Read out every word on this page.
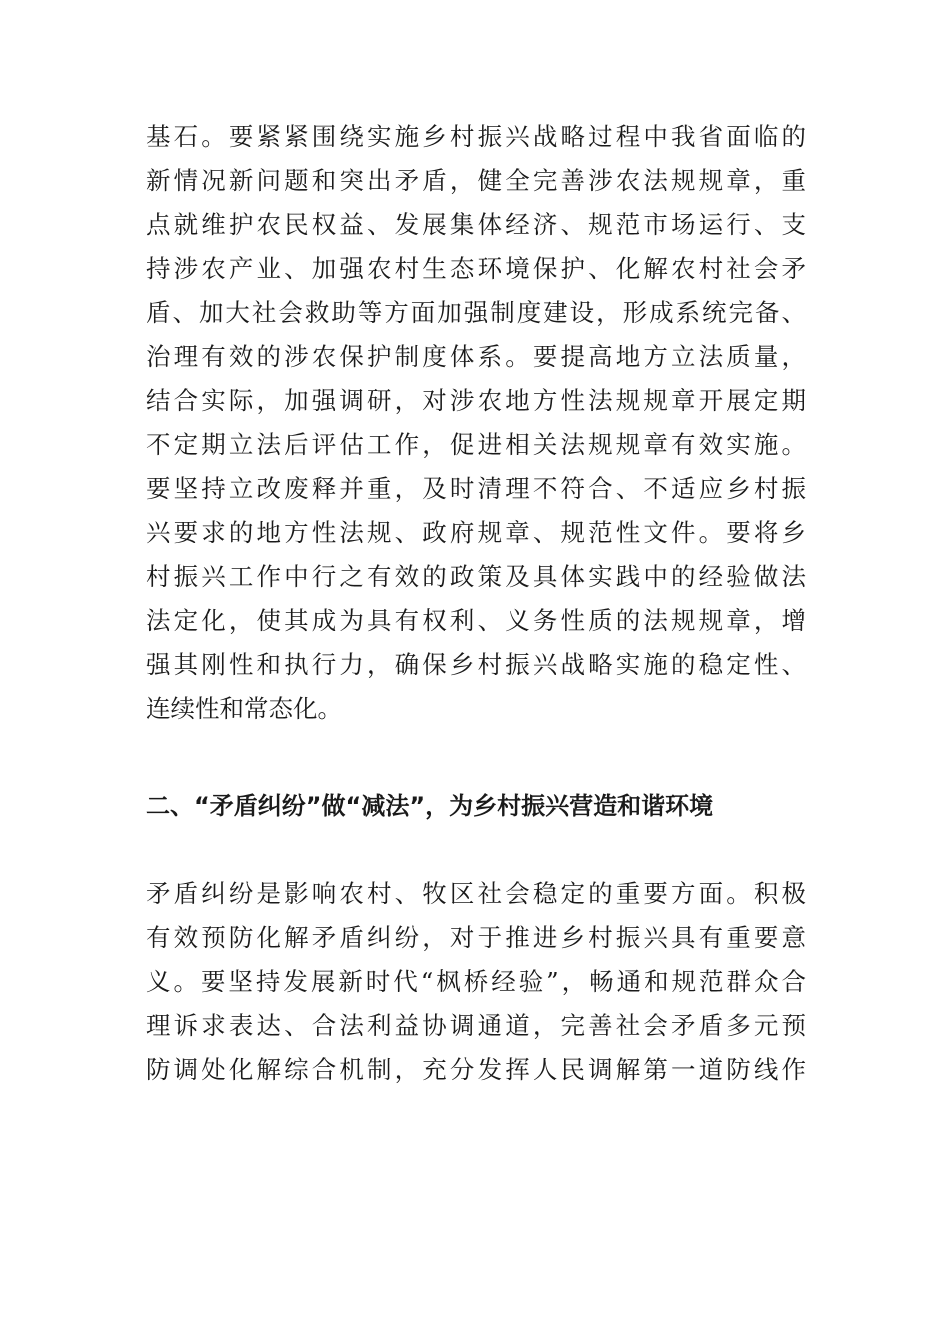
基石。要紧紧围绕实施乡村振兴战略过程中我省面临的
新情况新问题和突出矛盾，健全完善涉农法规规章，重
点就维护农民权益、发展集体经济、规范市场运行、支
持涉农产业、加强农村生态环境保护、化解农村社会矛
盾、加大社会救助等方面加强制度建设，形成系统完备、
治理有效的涉农保护制度体系。要提高地方立法质量，
结合实际，加强调研，对涉农地方性法规规章开展定期
不定期立法后评估工作，促进相关法规规章有效实施。
要坚持立改废释并重，及时清理不符合、不适应乡村振
兴要求的地方性法规、政府规章、规范性文件。要将乡
村振兴工作中行之有效的政策及具体实践中的经验做法
法定化，使其成为具有权利、义务性质的法规规章，增
强其刚性和执行力，确保乡村振兴战略实施的稳定性、
连续性和常态化。
二、“矛盾纠纷”做“减法”，为乡村振兴营造和谐环境
矛盾纠纷是影响农村、牧区社会稳定的重要方面。积极
有效预防化解矛盾纠纷，对于推进乡村振兴具有重要意
义。要坚持发展新时代“枫桥经验”，畅通和规范群众合
理诉求表达、合法利益协调通道，完善社会矛盾多元预
防调处化解综合机制，充分发挥人民调解第一道防线作
